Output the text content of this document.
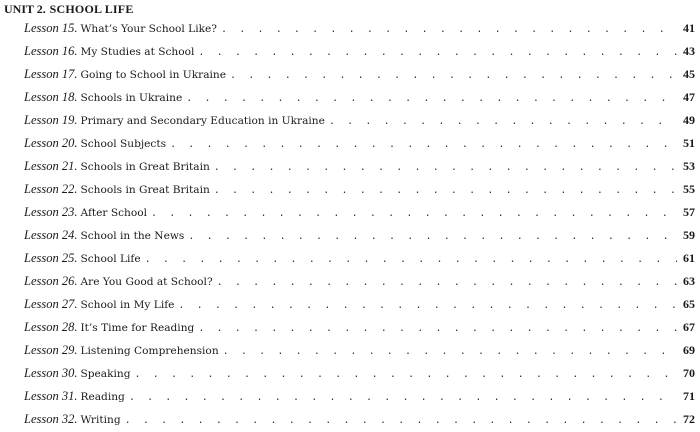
UNIT 2. SCHOOL LIFE
Lesson 15. What’s Your School Like? . . .	41
Lesson 16. My Studies at School . . .	43
Lesson 17. Going to School in Ukraine . . .	45
Lesson 18. Schools in Ukraine . . .	47
Lesson 19. Primary and Secondary Education in Ukraine . . .	49
Lesson 20. School Subjects . . .	51
Lesson 21. Schools in Great Britain . . .	53
Lesson 22. Schools in Great Britain . . .	55
Lesson 23. After School . . .	57
Lesson 24. School in the News . . .	59
Lesson 25. School Life . . .	61
Lesson 26. Are You Good at School? . . .	63
Lesson 27. School in My Life . . .	65
Lesson 28. It’s Time for Reading . . .	67
Lesson 29. Listening Comprehension . . .	69
Lesson 30. Speaking . . .	70
Lesson 31. Reading . . .	71
Lesson 32. Writing . . .	72
